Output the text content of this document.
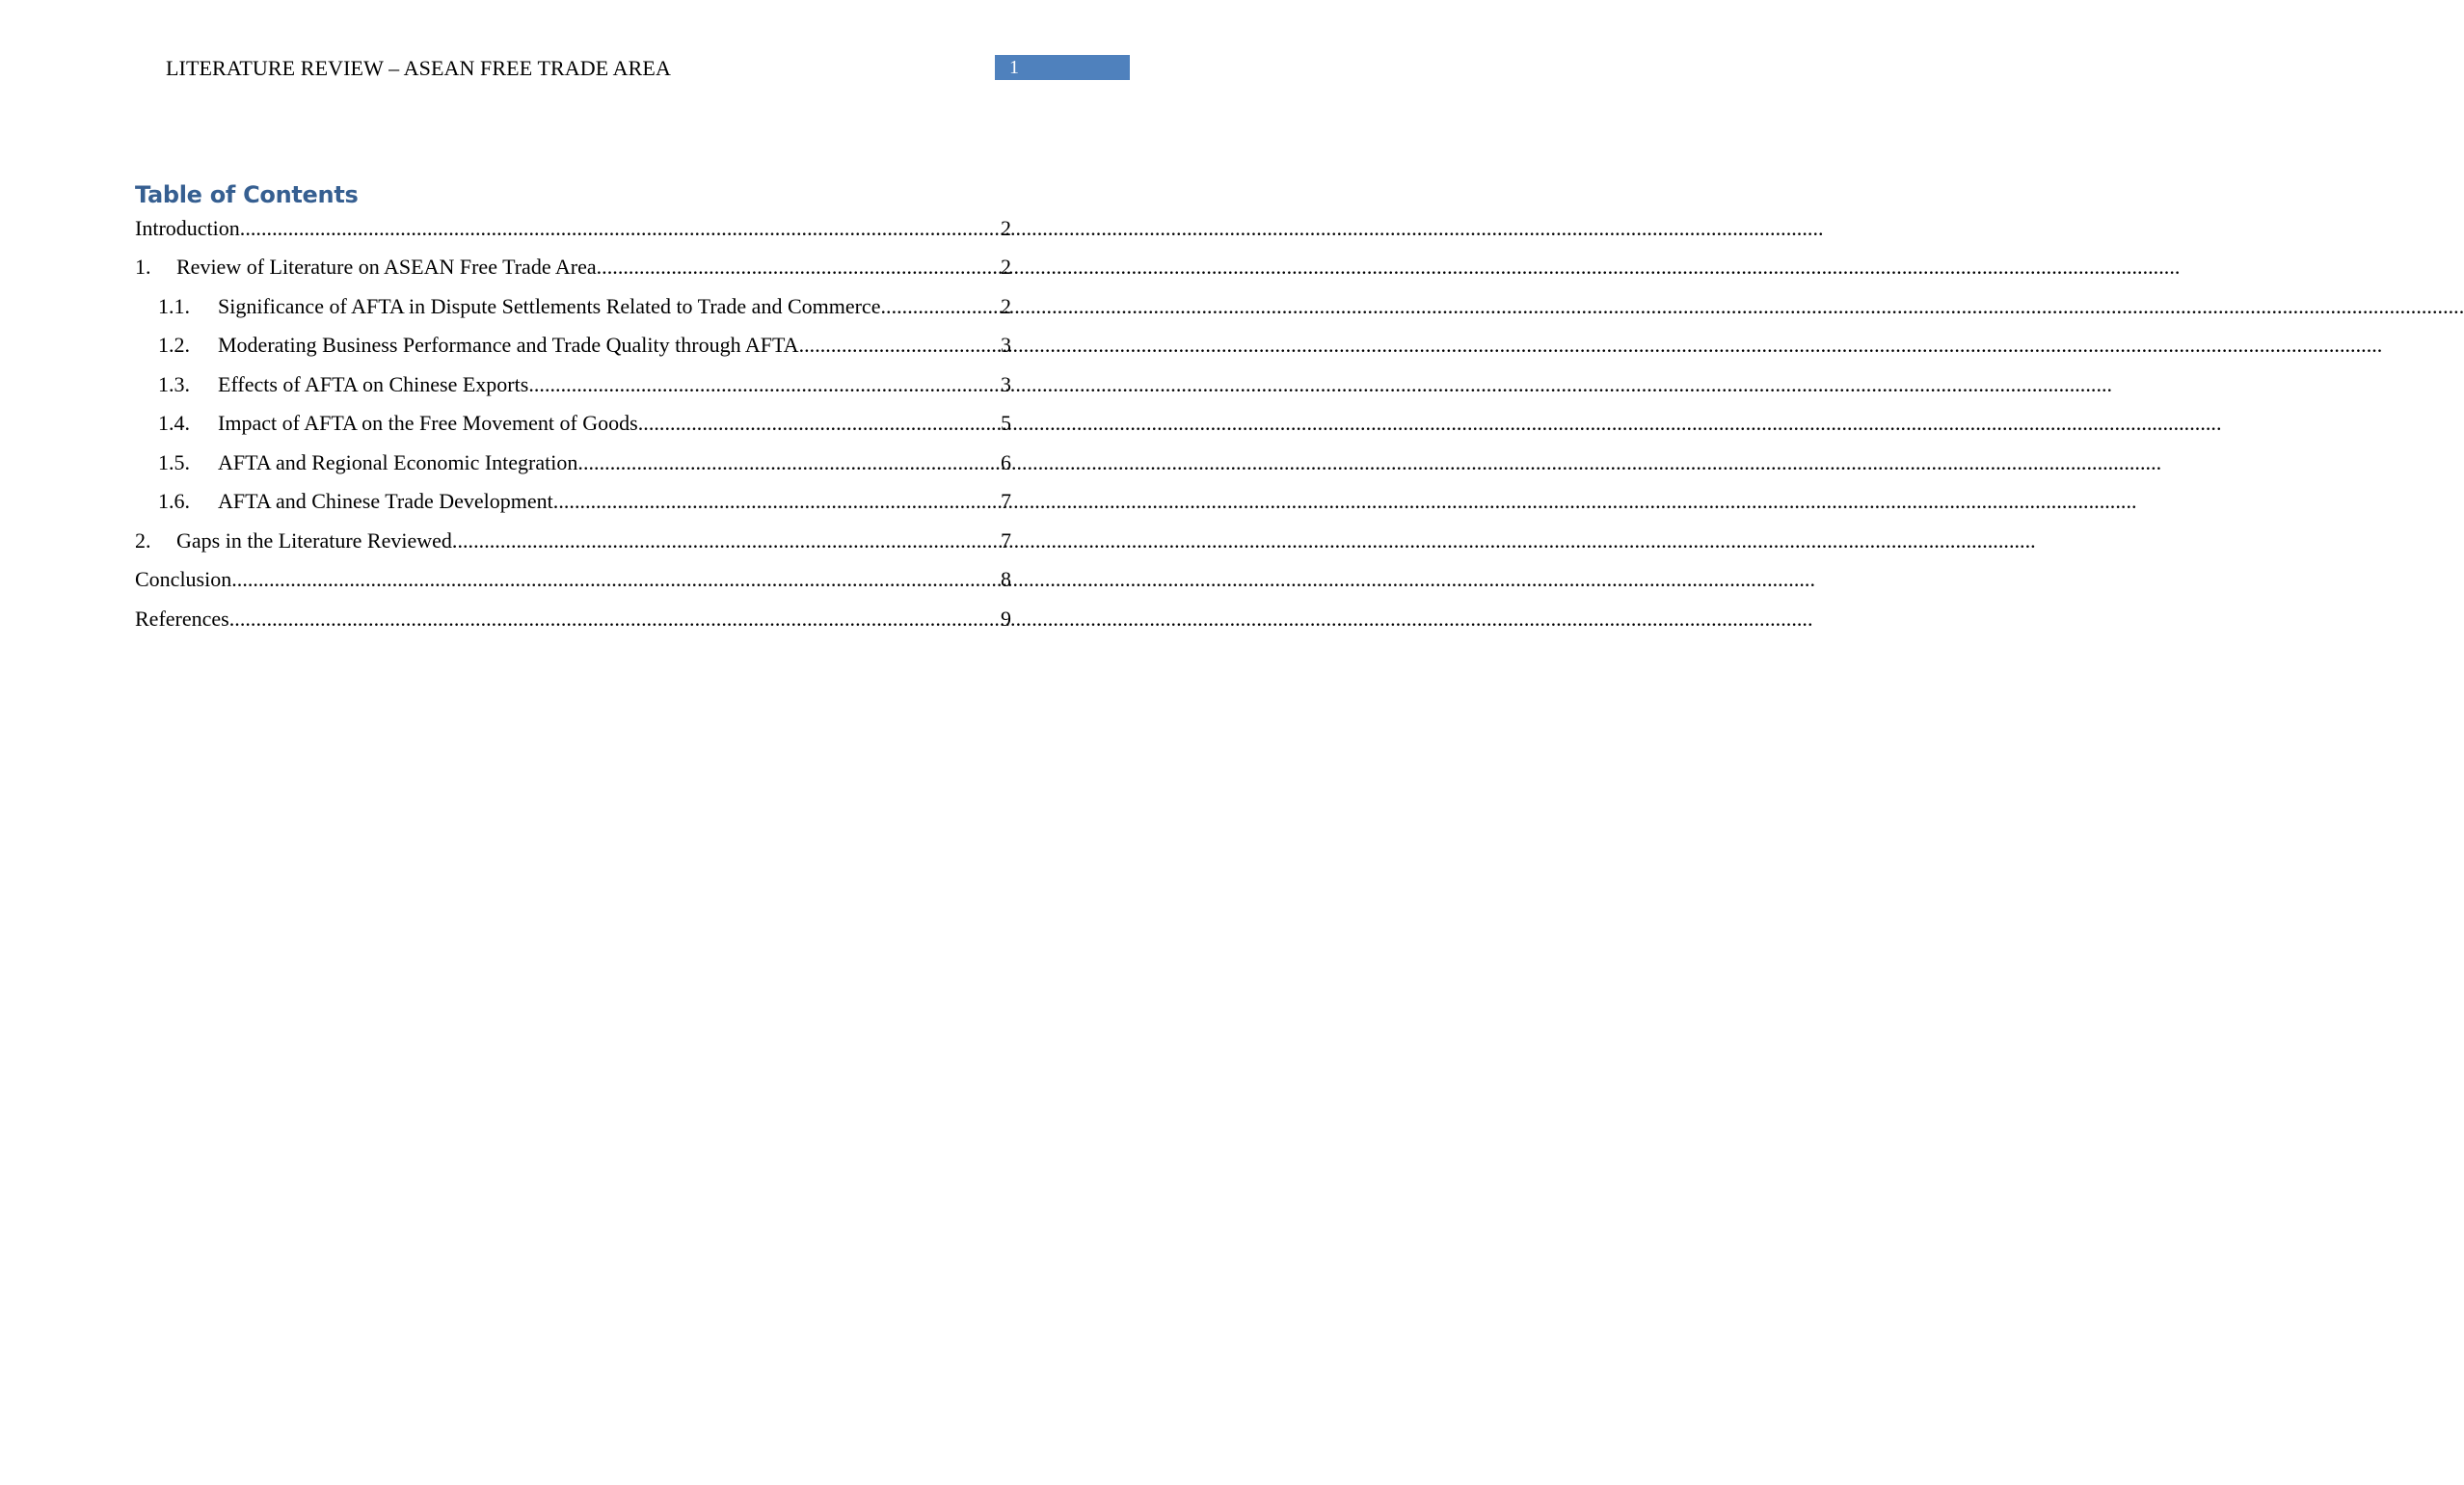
LITERATURE REVIEW – ASEAN FREE TRADE AREA	1
Table of Contents
Introduction .....	2
1.	Review of Literature on ASEAN Free Trade Area .....	2
1.1.	Significance of AFTA in Dispute Settlements Related to Trade and Commerce .....	2
1.2.	Moderating Business Performance and Trade Quality through AFTA .....	3
1.3.	Effects of AFTA on Chinese Exports .....	3
1.4.	Impact of AFTA on the Free Movement of Goods .....	5
1.5.	AFTA and Regional Economic Integration .....	6
1.6.	AFTA and Chinese Trade Development .....	7
2.	Gaps in the Literature Reviewed .....	7
Conclusion .....	8
References .....	9
